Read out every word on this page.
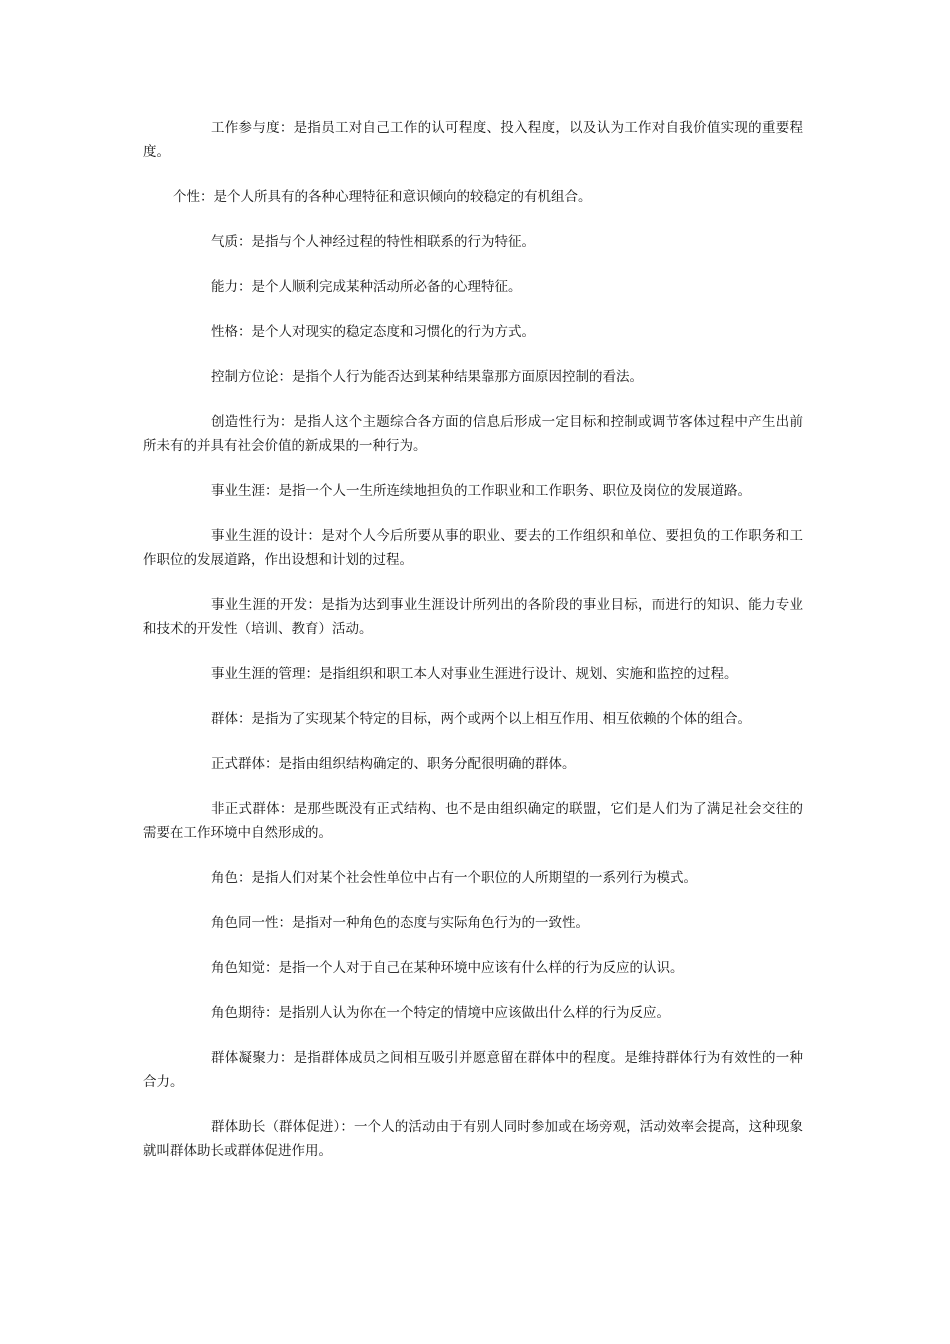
工作参与度：是指员工对自己工作的认可程度、投入程度，以及认为工作对自我价值实现的重要程度。

个性：是个人所具有的各种心理特征和意识倾向的较稳定的有机组合。

气质：是指与个人神经过程的特性相联系的行为特征。

能力：是个人顺利完成某种活动所必备的心理特征。

性格：是个人对现实的稳定态度和习惯化的行为方式。

控制方位论：是指个人行为能否达到某种结果靠那方面原因控制的看法。

创造性行为：是指人这个主题综合各方面的信息后形成一定目标和控制或调节客体过程中产生出前所未有的并具有社会价值的新成果的一种行为。

事业生涯：是指一个人一生所连续地担负的工作职业和工作职务、职位及岗位的发展道路。

事业生涯的设计：是对个人今后所要从事的职业、要去的工作组织和单位、要担负的工作职务和工作职位的发展道路，作出设想和计划的过程。

事业生涯的开发：是指为达到事业生涯设计所列出的各阶段的事业目标，而进行的知识、能力专业和技术的开发性（培训、教育）活动。

事业生涯的管理：是指组织和职工本人对事业生涯进行设计、规划、实施和监控的过程。

群体：是指为了实现某个特定的目标，两个或两个以上相互作用、相互依赖的个体的组合。

正式群体：是指由组织结构确定的、职务分配很明确的群体。

非正式群体：是那些既没有正式结构、也不是由组织确定的联盟，它们是人们为了满足社会交往的需要在工作环境中自然形成的。

角色：是指人们对某个社会性单位中占有一个职位的人所期望的一系列行为模式。

角色同一性：是指对一种角色的态度与实际角色行为的一致性。

角色知觉：是指一个人对于自己在某种环境中应该有什么样的行为反应的认识。

角色期待：是指别人认为你在一个特定的情境中应该做出什么样的行为反应。

群体凝聚力：是指群体成员之间相互吸引并愿意留在群体中的程度。是维持群体行为有效性的一种合力。

群体助长（群体促进）：一个人的活动由于有别人同时参加或在场旁观，活动效率会提高，这种现象就叫群体助长或群体促进作用。
